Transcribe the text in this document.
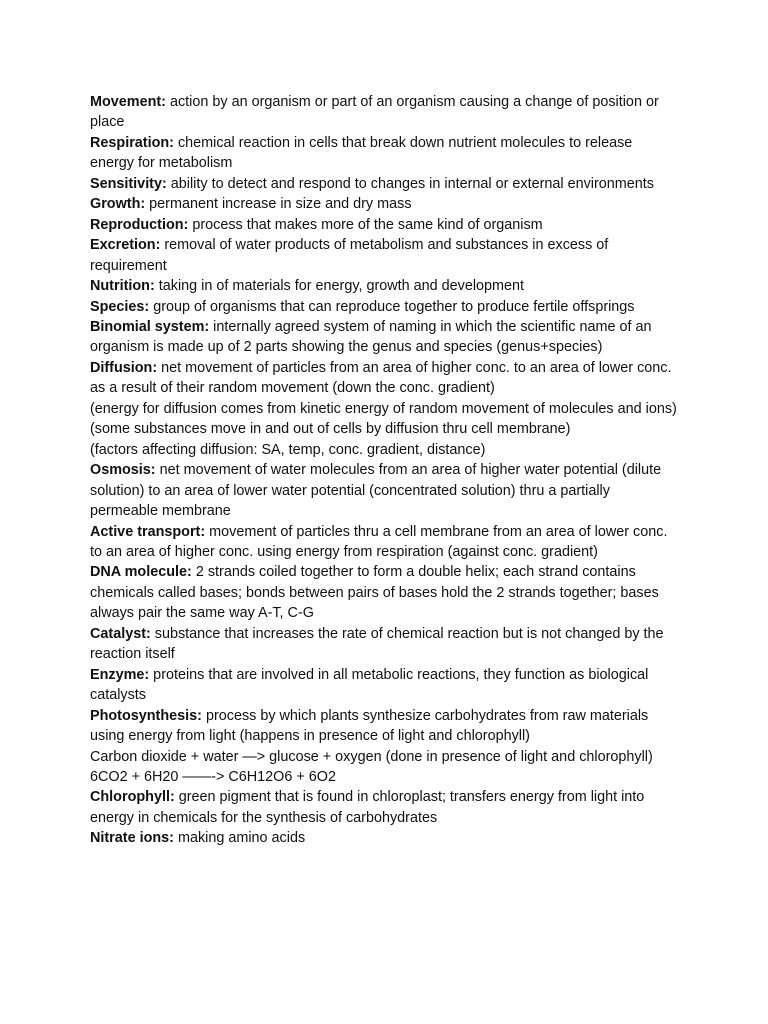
Movement: action by an organism or part of an organism causing a change of position or place

Respiration: chemical reaction in cells that break down nutrient molecules to release energy for metabolism

Sensitivity: ability to detect and respond to changes in internal or external environments

Growth: permanent increase in size and dry mass

Reproduction: process that makes more of the same kind of organism

Excretion: removal of water products of metabolism and substances in excess of requirement

Nutrition: taking in of materials for energy, growth and development

Species: group of organisms that can reproduce together to produce fertile offsprings

Binomial system: internally agreed system of naming in which the scientific name of an organism is made up of 2 parts showing the genus and species (genus+species)

Diffusion: net movement of particles from an area of higher conc. to an area of lower conc. as a result of their random movement (down the conc. gradient)

(energy for diffusion comes from kinetic energy of random movement of molecules and ions)

(some substances move in and out of cells by diffusion thru cell membrane)

(factors affecting diffusion: SA, temp, conc. gradient, distance)

Osmosis: net movement of water molecules from an area of higher water potential (dilute solution) to an area of lower water potential (concentrated solution) thru a partially permeable membrane

Active transport: movement of particles thru a cell membrane from an area of lower conc. to an area of higher conc. using energy from respiration (against conc. gradient)

DNA molecule: 2 strands coiled together to form a double helix; each strand contains chemicals called bases; bonds between pairs of bases hold the 2 strands together; bases always pair the same way A-T, C-G

Catalyst: substance that increases the rate of chemical reaction but is not changed by the reaction itself

Enzyme: proteins that are involved in all metabolic reactions, they function as biological catalysts

Photosynthesis: process by which plants synthesize carbohydrates from raw materials using energy from light (happens in presence of light and chlorophyll)

Carbon dioxide + water —> glucose + oxygen (done in presence of light and chlorophyll)

6CO2 + 6H20 ——-> C6H12O6 + 6O2

Chlorophyll: green pigment that is found in chloroplast; transfers energy from light into energy in chemicals for the synthesis of carbohydrates

Nitrate ions: making amino acids
